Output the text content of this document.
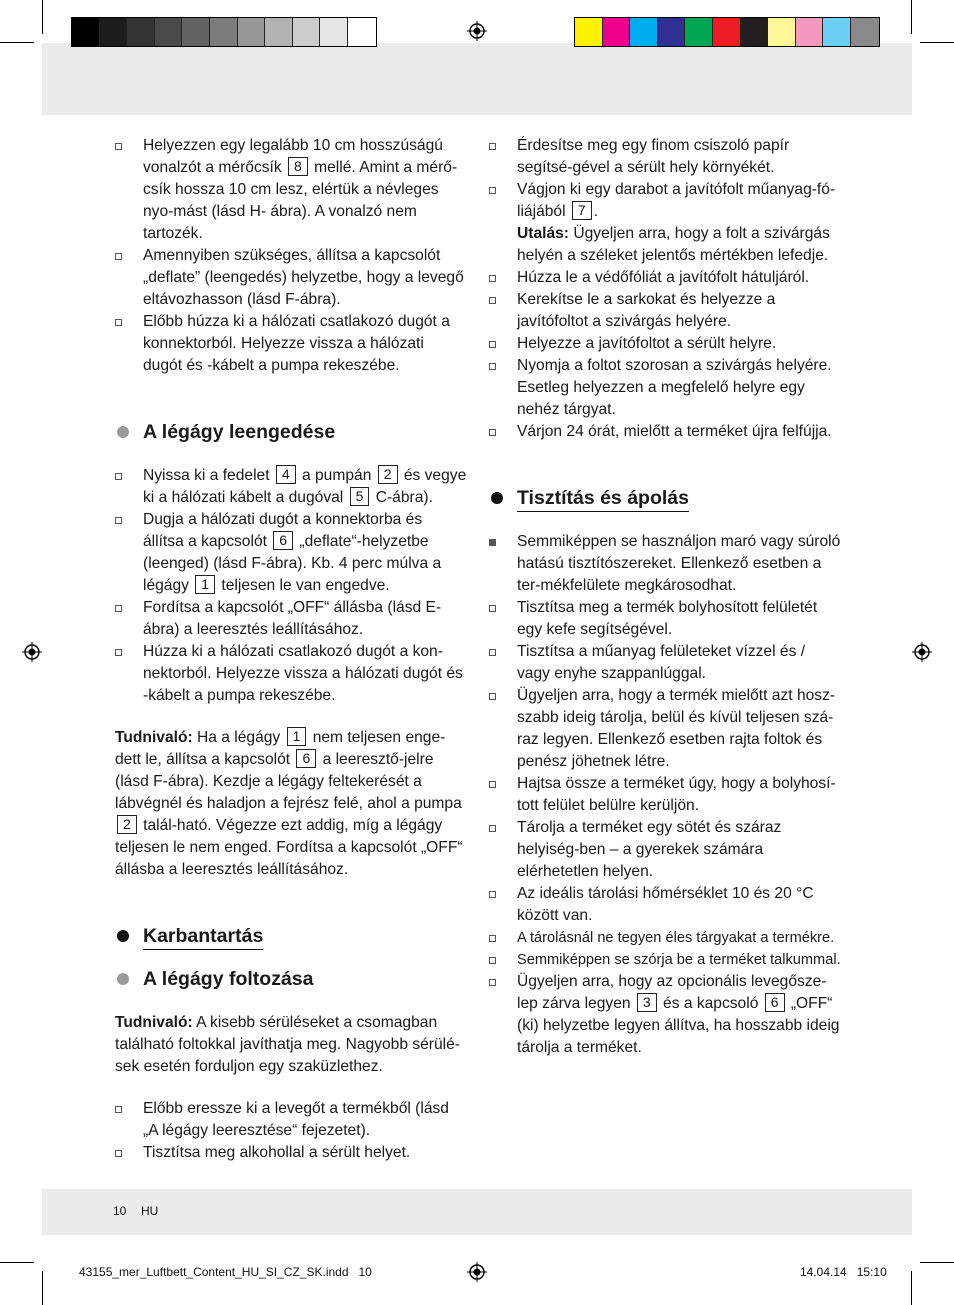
Helyezzen egy legalább 10 cm hosszúságú vonalzót a mérőcsík 8 mellé. Amint a mérő-csík hossza 10 cm lesz, elértük a névleges nyo-mást (lásd H- ábra). A vonalzó nem tartozék.
Amennyiben szükséges, állítsa a kapcsolót „deflate” (leengedés) helyzetbe, hogy a levegő eltávozhasson (lásd F-ábra).
Előbb húzza ki a hálózati csatlakozó dugót a konnektorból. Helyezze vissza a hálózati dugót és -kábelt a pumpa rekeszébe.
A légágy leengedése
Nyissa ki a fedelet 4 a pumpán 2 és vegye ki a hálózati kábelt a dugóval 5 C-ábra).
Dugja a hálózati dugót a konnektorba és állítsa a kapcsolót 6 „deflate“-helyzetbe (leenged) (lásd F-ábra). Kb. 4 perc múlva a légágy 1 teljesen le van engedve.
Fordítsa a kapcsolót „OFF“ állásba (lásd E-ábra) a leeresztés leállításához.
Húzza ki a hálózati csatlakozó dugót a kon-nektorból. Helyezze vissza a hálózati dugót és -kábelt a pumpa rekeszébe.
Tudnivaló: Ha a légágy 1 nem teljesen enge-dett le, állítsa a kapcsolót 6 a leeresztő-jelre (lásd F-ábra). Kezdje a légágy feltekerését a lábvégnél és haladjon a fejrész felé, ahol a pumpa 2 talál-ható. Végezze ezt addig, míg a légágy teljesen le nem enged. Fordítsa a kapcsolót „OFF“ állásba a leeresztés leállításához.
Karbantartás
A légágy foltozása
Tudnivaló: A kisebb sérüléseket a csomagban található foltokkal javíthatja meg. Nagyobb sérülé-sek esetén forduljon egy szaküzlethez.
Előbb eressze ki a levegőt a termékből (lásd „A légágy leeresztése“ fejezetet).
Tisztítsa meg alkohollal a sérült helyet.
Érdesítse meg egy finom csiszoló papír segítsé-gével a sérült hely környékét.
Vágjon ki egy darabot a javítófolt műanyag-fó-liájából 7 .
Utalás: Ügyeljen arra, hogy a folt a szivárgás helyén a széleket jelentős mértékben lefedje.
Húzza le a védőfóliát a javítófolt hátuljáról.
Kerekítse le a sarkokat és helyezze a javítófoltot a szivárgás helyére.
Helyezze a javítófoltot a sérült helyre.
Nyomja a foltot szorosan a szivárgás helyére. Esetleg helyezzen a megfelelő helyre egy nehéz tárgyat.
Várjon 24 órát, mielőtt a terméket újra felfújja.
Tisztítás és ápolás
Semmiképpen se használjon maró vagy súroló hatású tisztítószereket. Ellenkező esetben a ter-mékfelülete megkárosodhat.
Tisztítsa meg a termék bolyhosított felületét egy kefe segítségével.
Tisztítsa a műanyag felületeket vízzel és / vagy enyhe szappanlúggal.
Ügyeljen arra, hogy a termék mielőtt azt hosz-szabb ideig tárolja, belül és kívül teljesen szá-raz legyen. Ellenkező esetben rajta foltok és penész jöhetnek létre.
Hajtsa össze a terméket úgy, hogy a bolyhosí-tott felület belülre kerüljön.
Tárolja a terméket egy sötét és száraz helyiség-ben – a gyerekek számára elérhetetlen helyen.
Az ideális tárolási hőmérséklet 10 és 20 °C között van.
A tárolásnál ne tegyen éles tárgyakat a termékre.
Semmiképpen se szórja be a terméket talkummal.
Ügyeljen arra, hogy az opcionális levegősze-lep zárva legyen 3 és a kapcsoló 6 „OFF“ (ki) helyzetbe legyen állítva, ha hosszabb ideig tárolja a terméket.
10 HU
43155_mer_Luftbett_Content_HU_SI_CZ_SK.indd   10	14.04.14   15:10
